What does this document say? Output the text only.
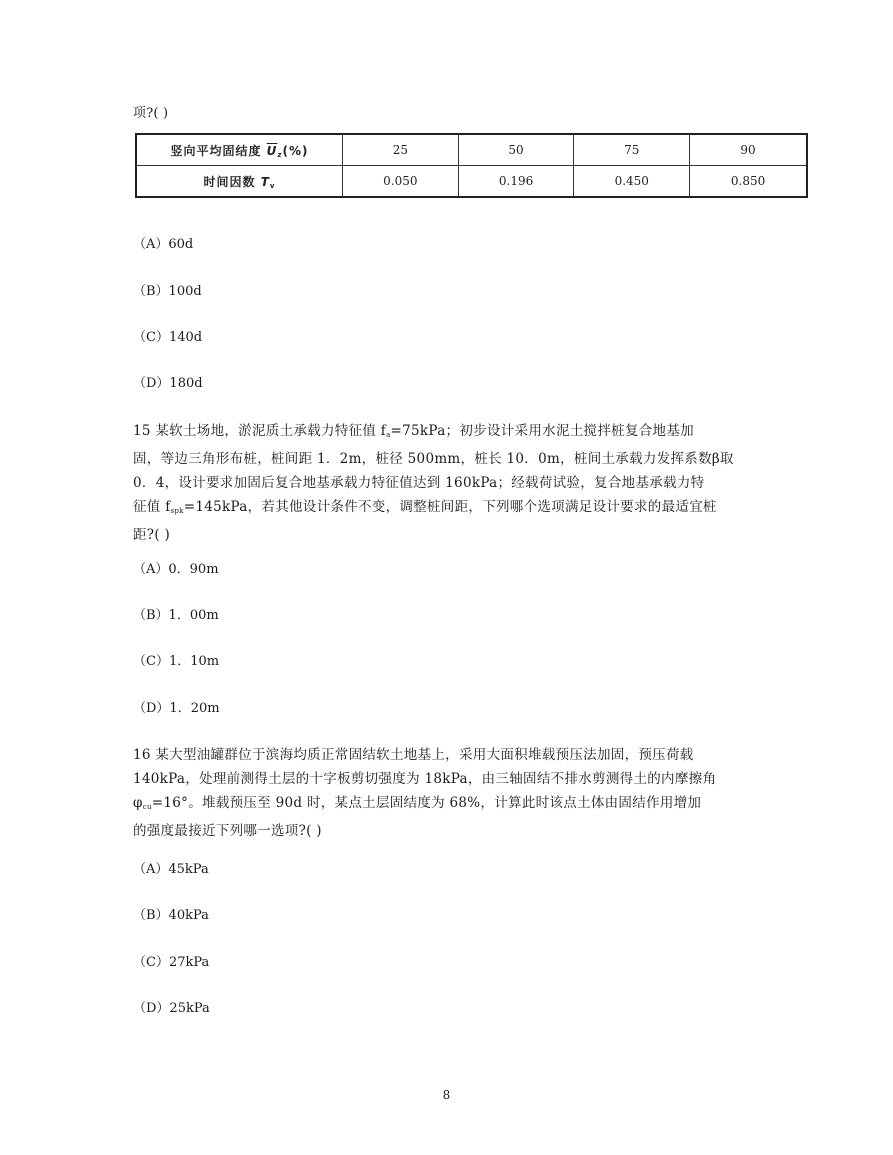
项?( )
竖向平均固结度 $\overline{U}_z(\%)$	25	50	75	90
时间因数 $T_v$	0.050	0.196	0.450	0.850
（A）60d
（B）100d
（C）140d
（D）180d
15 某软土场地，淤泥质土承载力特征值 $f_a=75kPa$；初步设计采用水泥土搅拌桩复合地基加
固，等边三角形布桩，桩间距 1．2m，桩径 500mm，桩长 10．0m，桩间土承载力发挥系数β取
0．4，设计要求加固后复合地基承载力特征值达到 160kPa；经载荷试验，复合地基承载力特
征值 $f_{spk}=145kPa$，若其他设计条件不变，调整桩间距，下列哪个选项满足设计要求的最适宜桩
距?( )
（A）0．90m
（B）1．00m
（C）1．10m
（D）1．20m
16 某大型油罐群位于滨海均质正常固结软土地基上，采用大面积堆载预压法加固，预压荷载
140kPa，处理前测得土层的十字板剪切强度为 18kPa，由三轴固结不排水剪测得土的内摩擦角
$\varphi_{cu}=16^\circ$。堆载预压至 90d 时，某点土层固结度为 68%，计算此时该点土体由固结作用增加
的强度最接近下列哪一选项?( )
（A）45kPa
（B）40kPa
（C）27kPa
（D）25kPa
8
